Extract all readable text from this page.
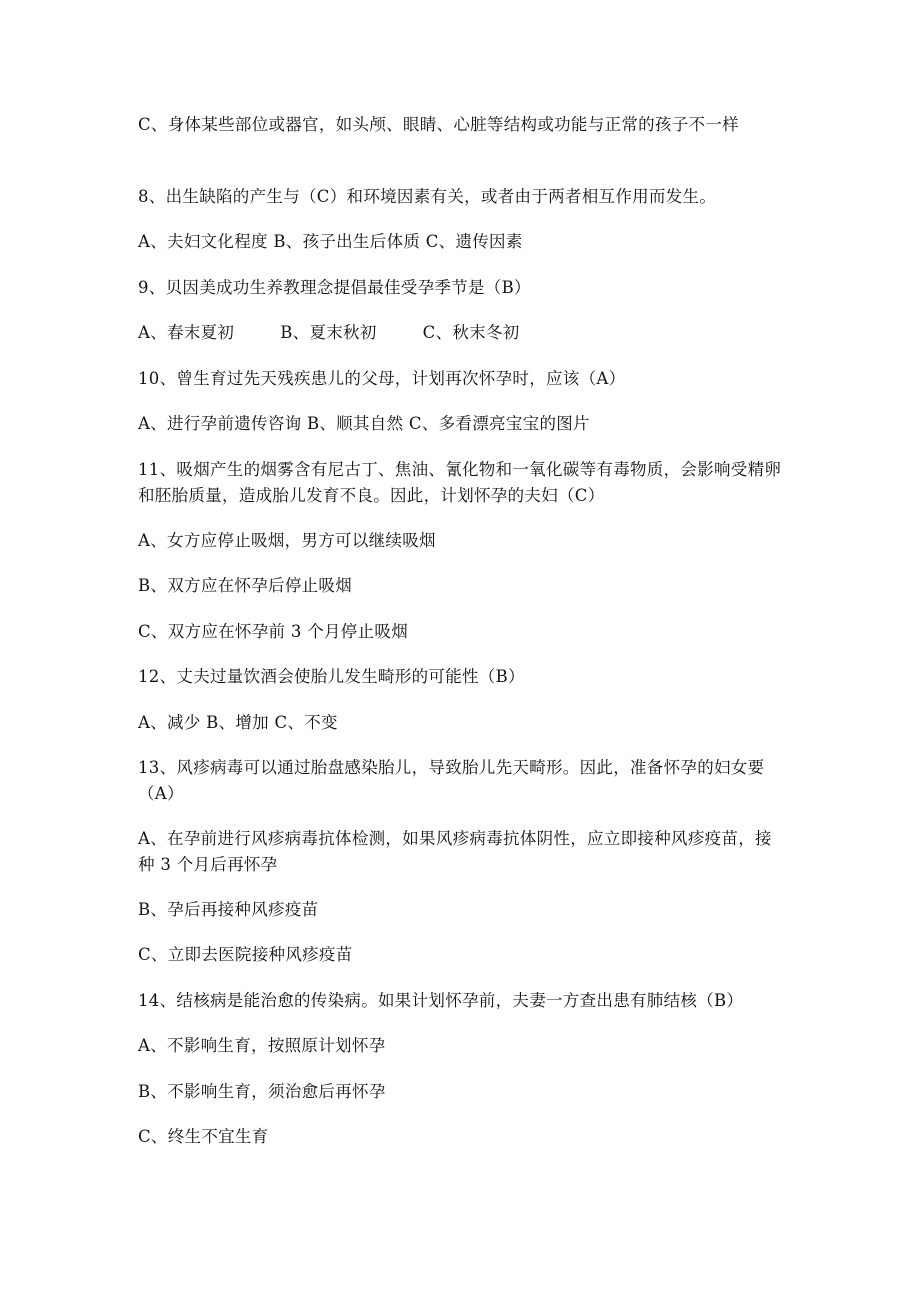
C、身体某些部位或器官，如头颅、眼睛、心脏等结构或功能与正常的孩子不一样

8、出生缺陷的产生与（C）和环境因素有关，或者由于两者相互作用而发生。

A、夫妇文化程度 B、孩子出生后体质 C、遗传因素

9、贝因美成功生养教理念提倡最佳受孕季节是（B）

A、春末夏初	B、夏末秋初	C、秋末冬初

10、曾生育过先天残疾患儿的父母，计划再次怀孕时，应该（A）

A、进行孕前遗传咨询 B、顺其自然 C、多看漂亮宝宝的图片

11、吸烟产生的烟雾含有尼古丁、焦油、氰化物和一氧化碳等有毒物质，会影响受精卵和胚胎质量，造成胎儿发育不良。因此，计划怀孕的夫妇（C）

A、女方应停止吸烟，男方可以继续吸烟

B、双方应在怀孕后停止吸烟

C、双方应在怀孕前 3 个月停止吸烟

12、丈夫过量饮酒会使胎儿发生畸形的可能性（B）

A、减少 B、增加 C、不变

13、风疹病毒可以通过胎盘感染胎儿，导致胎儿先天畸形。因此，准备怀孕的妇女要（A）

A、在孕前进行风疹病毒抗体检测，如果风疹病毒抗体阴性，应立即接种风疹疫苗，接种 3 个月后再怀孕

B、孕后再接种风疹疫苗

C、立即去医院接种风疹疫苗

14、结核病是能治愈的传染病。如果计划怀孕前，夫妻一方查出患有肺结核（B）

A、不影响生育，按照原计划怀孕

B、不影响生育，须治愈后再怀孕

C、终生不宜生育
